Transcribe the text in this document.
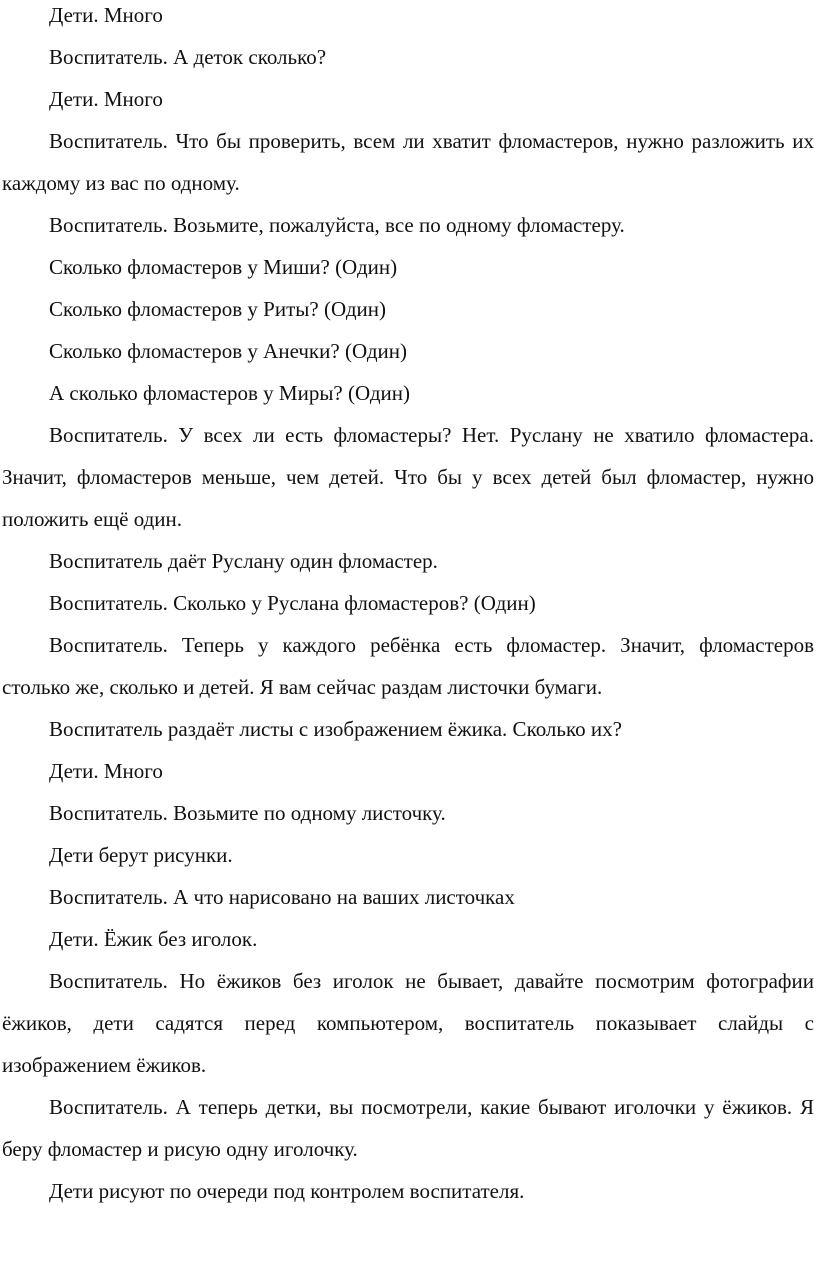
Дети. Много

Воспитатель. А деток сколько?

Дети. Много

Воспитатель. Что бы проверить, всем ли хватит фломастеров, нужно разложить их каждому из вас по одному.

Воспитатель. Возьмите, пожалуйста, все по одному фломастеру.

Сколько фломастеров у Миши? (Один)

Сколько фломастеров у Риты? (Один)

Сколько фломастеров у Анечки? (Один)

А сколько фломастеров у Миры? (Один)

Воспитатель. У всех ли есть фломастеры? Нет. Руслану не хватило фломастера. Значит, фломастеров меньше, чем детей. Что бы у всех детей был фломастер, нужно положить ещё один.

Воспитатель даёт Руслану один фломастер.

Воспитатель. Сколько у Руслана фломастеров? (Один)

Воспитатель. Теперь у каждого ребёнка есть фломастер. Значит, фломастеров столько же, сколько и детей. Я вам сейчас раздам листочки бумаги.

Воспитатель раздаёт листы с изображением ёжика. Сколько их?

Дети. Много

Воспитатель. Возьмите по одному листочку.

Дети берут рисунки.

Воспитатель. А что нарисовано на ваших листочках

Дети. Ёжик без иголок.

Воспитатель. Но ёжиков без иголок не бывает, давайте посмотрим фотографии ёжиков, дети садятся перед компьютером, воспитатель показывает слайды с изображением ёжиков.

Воспитатель. А теперь детки, вы посмотрели, какие бывают иголочки у ёжиков. Я беру фломастер и рисую одну иголочку.

Дети рисуют по очереди под контролем воспитателя.
